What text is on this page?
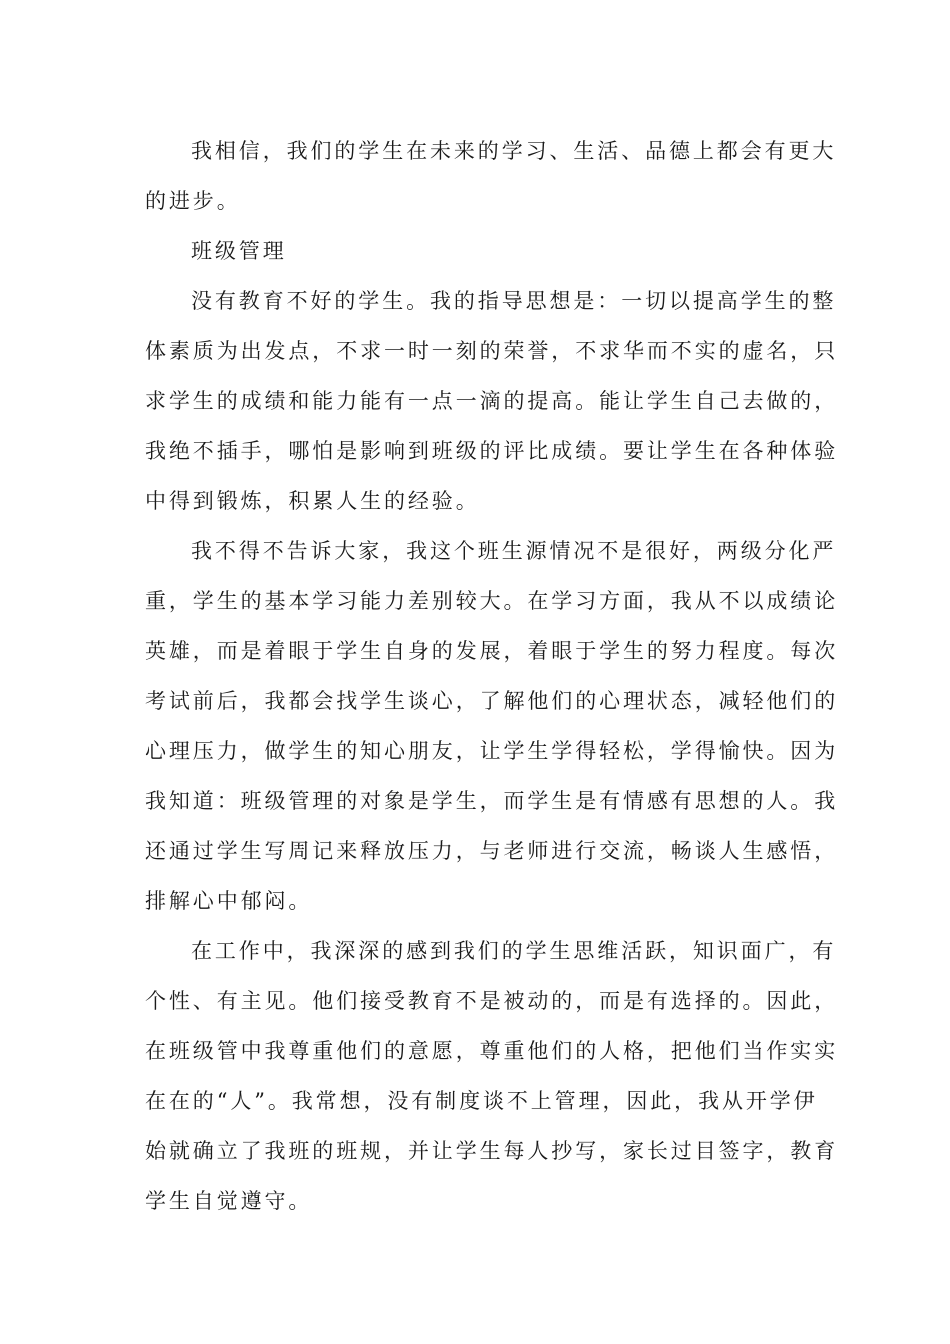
我相信，我们的学生在未来的学习、生活、品德上都会有更大
的进步。
班级管理
没有教育不好的学生。我的指导思想是：一切以提高学生的整
体素质为出发点，不求一时一刻的荣誉，不求华而不实的虚名，只
求学生的成绩和能力能有一点一滴的提高。能让学生自己去做的，
我绝不插手，哪怕是影响到班级的评比成绩。要让学生在各种体验
中得到锻炼，积累人生的经验。
我不得不告诉大家，我这个班生源情况不是很好，两级分化严
重，学生的基本学习能力差别较大。在学习方面，我从不以成绩论
英雄，而是着眼于学生自身的发展，着眼于学生的努力程度。每次
考试前后，我都会找学生谈心，了解他们的心理状态，减轻他们的
心理压力，做学生的知心朋友，让学生学得轻松，学得愉快。因为
我知道：班级管理的对象是学生，而学生是有情感有思想的人。我
还通过学生写周记来释放压力，与老师进行交流，畅谈人生感悟，
排解心中郁闷。
在工作中，我深深的感到我们的学生思维活跃，知识面广，有
个性、有主见。他们接受教育不是被动的，而是有选择的。因此，
在班级管中我尊重他们的意愿，尊重他们的人格，把他们当作实实
在在的“人”。我常想，没有制度谈不上管理，因此，我从开学伊
始就确立了我班的班规，并让学生每人抄写，家长过目签字，教育
学生自觉遵守。
